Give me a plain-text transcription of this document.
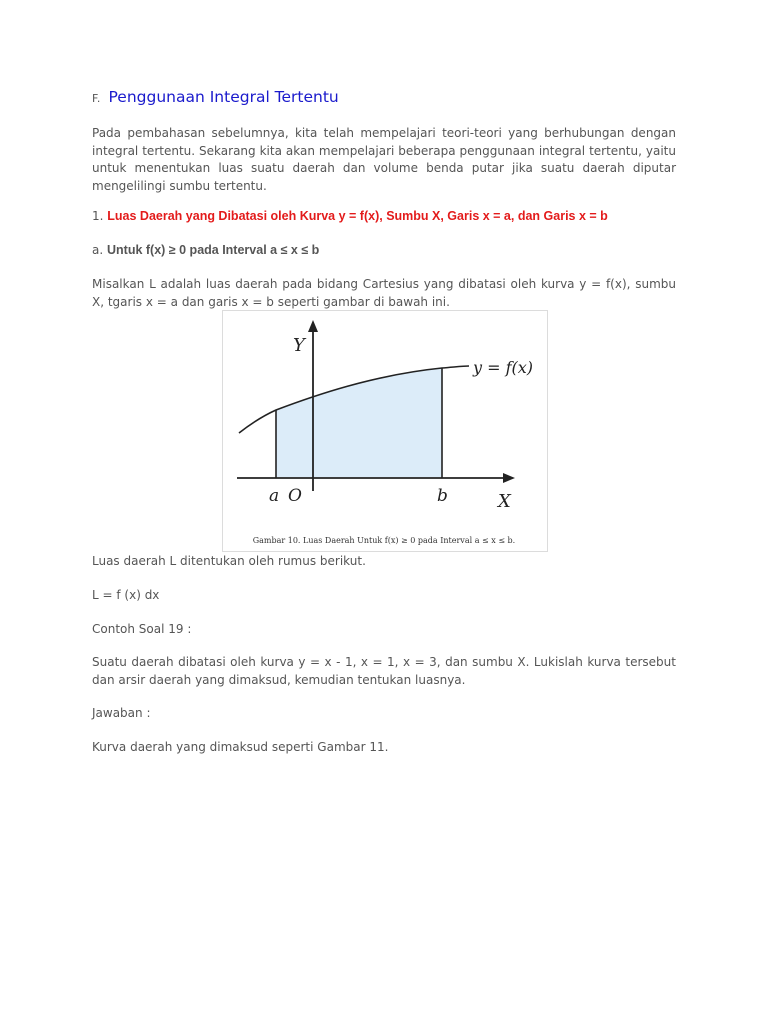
F. Penggunaan Integral Tertentu
Pada pembahasan sebelumnya, kita telah mempelajari teori-teori yang berhubungan dengan integral tertentu. Sekarang kita akan mempelajari beberapa penggunaan integral tertentu, yaitu untuk menentukan luas suatu daerah dan volume benda putar jika suatu daerah diputar mengelilingi sumbu tertentu.
1. Luas Daerah yang Dibatasi oleh Kurva y = f(x), Sumbu X, Garis x = a, dan Garis x = b
a. Untuk f(x) ≥ 0 pada Interval a ≤ x ≤ b
Misalkan L adalah luas daerah pada bidang Cartesius yang dibatasi oleh kurva y = f(x), sumbu X, tgaris x = a dan garis x = b seperti gambar di bawah ini.
Luas daerah L ditentukan oleh rumus berikut.
L = f (x) dx
Contoh Soal 19 :
Suatu daerah dibatasi oleh kurva y = x - 1, x = 1, x = 3, dan sumbu X. Lukislah kurva tersebut dan arsir daerah yang dimaksud, kemudian tentukan luasnya.
Jawaban :
Kurva daerah yang dimaksud seperti Gambar 11.
Y
y = f(x)
a O	b	X
Gambar 10. Luas Daerah Untuk f(x) ≥ 0 pada Interval a ≤ x ≤ b.
